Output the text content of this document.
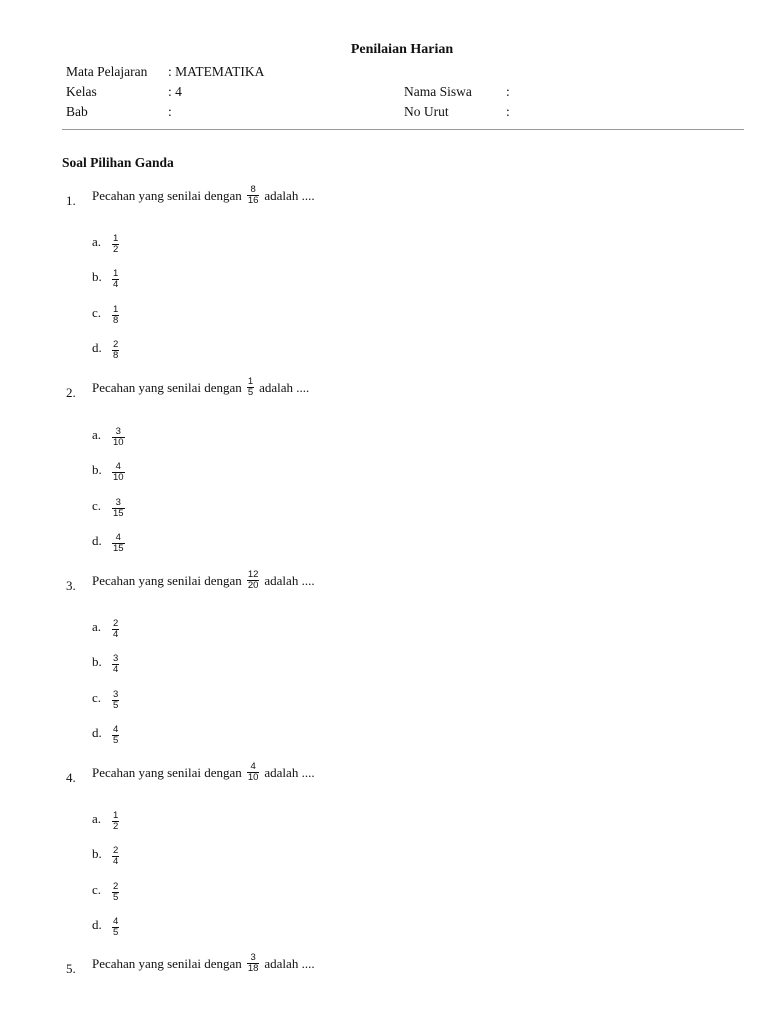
Penilaian Harian
Mata Pelajaran : MATEMATIKA
Kelas	: 4
Bab	:
Nama Siswa	:
No Urut	:
Soal Pilihan Ganda
1. Pecahan yang senilai dengan $\frac{8}{16}$ adalah ....
a. $\frac{1}{2}$
b. $\frac{1}{4}$
c. $\frac{1}{8}$
d. $\frac{2}{8}$
2. Pecahan yang senilai dengan $\frac{1}{5}$ adalah ....
a. $\frac{3}{10}$
b. $\frac{4}{10}$
c. $\frac{3}{15}$
d. $\frac{4}{15}$
3. Pecahan yang senilai dengan $\frac{12}{20}$ adalah ....
a. $\frac{2}{4}$
b. $\frac{3}{4}$
c. $\frac{3}{5}$
d. $\frac{4}{5}$
4. Pecahan yang senilai dengan $\frac{4}{10}$ adalah ....
a. $\frac{1}{2}$
b. $\frac{2}{4}$
c. $\frac{2}{5}$
d. $\frac{4}{5}$
5. Pecahan yang senilai dengan $\frac{3}{18}$ adalah ....
